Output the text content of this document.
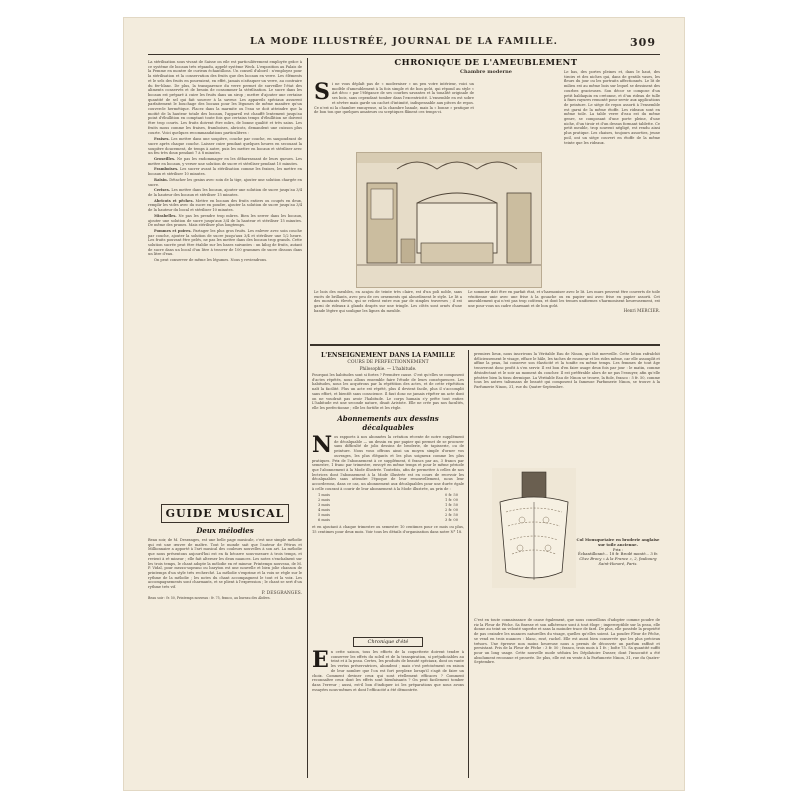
LA MODE ILLUSTRÉE, JOURNAL DE LA FAMILLE.	309
La stérilisation sous vivant de Saisse on eile est particulièrement employée grâce à ce système de bocaux très répandu, appelé système Weck. L'exposition au Palais de la Femme en montre de curieux échantillons. Un conseil d'abord : n'employez pour la stérilisation et la conservation des fruits que des bocaux en verre. Les éléments et le sels des fruits en pourraient, en effet, jamais n'attaquer un verre, au contraire du fer-blanc. De plus, la transparence du verre permet de surveiller l'état des aliments conservés et de besoin de consommer la stérilisation. Le sucre dans les bocaux est préparé à cuire les fruits dans un sirop ; mettre d'ajouter une certaine quantité de sel qui fait sourcer à la saveur. Les appareils spéciaux assurent parfaitement le bouchage des bocaux pour les légumes de même manière qu'un couvercle hermétique. Placez dans la marmite ou l'eau se doit atteindre que la moitié de la hauteur totale des bocaux, l'appareil est chauffé lentement jusqu'au point d'ébullition en comptant toute fois que certains temps d'ébullition ne doivent être trop courts. Les fruits doivent être mûrs, de bonne qualité et très sains. Les fruits mous comme les fraises, framboises, abricots, demandent une cuisson plus courte. Voici quelques recommandations particulières :

Fraises. Les mettre dans une soupière, couche par couche, en saupoudrant de sucre après chaque couche. Laisser cuire pendant quelques heures en secouant la soupière doucement, de temps à autre, puis les mettre en bocaux et stériliser avec un feu très doux pendant 7 à 8 minutes.

Groseilles. Ne pas les endommager en les débarrassant de leurs queues. Les mettre en bocaux, y verser une solution de sucre et stériliser pendant 10 minutes.

Framboises. Les sucrer avant la stérilisation comme les fraises, les mettre en bocaux et stériliser 10 minutes.

Raisin. Détacher les grains avec soin de la tige, ajouter une solution chargée en sucre.

Cerises. Les mettre dans les bocaux, ajouter une solution de sucre jusqu'au 3/4 de la hauteur des bocaux et stériliser 15 minutes.

Abricots et pêches. Mettre en bocaux des fruits entiers ou coupés en deux, remplir les vides avec du sucre en poudre, ajouter la solution de sucre jusqu'au 3/4 de la hauteur du bocal et stériliser 10 minutes.

Mirabelles. Ne pas les prendre trop mûres. Bien les serrer dans les bocaux, ajouter une solution de sucre jusqu'aux 3/4 de la hauteur et stériliser 15 minutes. De même des prunes. Mais stériliser plus longtemps.

Pommes et poires. Partager les plus gros fruits. Les enlever avec soin couche par couche, ajouter la solution de sucre jusqu'aux 3/4 et stériliser une 1/2 heure. Les fruits pouvant être pelés, ne pas les mettre dans des bocaux trop grands. Cette solution sucrée peut être établie sur les bases suivantes : un kilog de fruits, autant de sucre dans un bocal d'un litre à trouver de 100 grammes de sucre dissous dans un litre d'eau.

On peut conserver de même les légumes. Nous y reviendrons.

GUIDE MUSICAL
Deux mélodies
Beau soir, de M. Desranges, est une belle page musicale, c'est une simple mélodie qui est une œuvre de maître. Tout le monde sait que l'auteur de Pétrus et Millionnaire a apporté à l'art musical des couleurs nouvelles à son art. La mélodie que nous présentons aujourd'hui est en fa bécarre sous-mesure à trois temps, et revient à ré mineur ; elle fait alterner les deux nuances. Les notes s'enchaînent sur les trois temps, le chant adopte la mélodie en ré mineur. Printemps nouveau, de M. P. Vidal, pour mezzo-soprano ou baryton est une nouvelle et bien jolie chanson de printemps d'un style très recherché. La mélodie s'exprime et la voix se règle sur le rythme de la mélodie ; les notes du chant accompagnent le tout et la voix. Les accompagnements sont charmants, et se plient à l'expression ; le chant se sert d'un rythme très vif.
P. DESGRANGES.
Beau soir : fr. 50, Printemps nouveau : fr. 75, franco, au bureau des Abdres.
CHRONIQUE DE L'AMEUBLEMENT
Chambre moderne
S i ne vous déplaît pas de « moderniser » un peu votre intérieur, voici un modèle d'ameublement à la fois simple et de bon goût, qui répond au style « Art déco » par l'élégance de ses courbes savantes et la tonalité originale de ses bois, sans cependant tomber dans l'excentricité. L'ensemble en est sobre et sévère mais garde un cachet d'intimité, indispensable aux pièces de repos. Ce n'est ni la chambre ennuyeuse, ni la chambre banale, mais la « bonne » pratique et de bon ton que quelques amateurs ou sceptiques flânent ces temps-ci.
Le bas, des portes pleines et, dans le haut, des tiroirs et des niches qui, dans de gentils vases, les fleurs du jour ou les portraits affectionnés. Le lit de milieu est au même bois sur lequel se dessinent des courbes gracieuses. Son décor se compose d'un petit baldaquin en cretonne, et d'un rideau de tulle à fines rayures remonté pour servir aux applications de peinture. Le siège de repos assorti à l'ensemble est garni de la même étoffe. Les rideaux sont en même toile. La table verre d'eau est du même genre, se composant d'une porte pleine, d'une niche, d'un tiroir et d'un dessus formant tablette. Ce petit meuble, trop souvent négligé, est rendu ainsi plus pratique. Les chaises, toujours assorties, jeune poil, ont un siège couvert en étoffe de la même teinte que les rideaux.
Le bois des meubles, en acajou de teinte très claire, est d'un poli noble, sans excès de brillants, avec peu de ces ornements qui alourdissent le style. Le lit a des montants élevés, qui se relient entre eux par de simples traverses ; il est garni de rideaux à glands drapés sur une tringle. Les côtés sont ornés d'une bande légère qui souligne les lignes du meuble.
Le sommier doit être en parfait état, et s'harmoniser avec le lit. Les murs peuvent être couverts de toile vénitienne unie avec une frise à la gouache ou en papier uni avec frise en papier assorti. Cet ameublement qui n'est pas trop coûteux, et dont les tenues uniformes s'harmonisent heureusement, est une pour vous un cadre charmant et de bon goût.
Henri MERCIER.
L'ENSEIGNEMENT DANS LA FAMILLE
COURS DE PERFECTIONNEMENT
Philosophie. — L'habitude.
Pourquoi les habitudes sont si fortes ? Première cause. C'est qu'elles se composent d'actes répétés, nous allons ensemble faire l'étude de leurs conséquences. Les habitudes, nous les acquérons par la répétition des actes, et de cette répétition naît la facilité. Plus un acte est répété, plus il devient facile, plus il s'accomplit sans effort, et bientôt sans conscience. Il faut donc ne jamais répéter un acte dont on ne voudrait pas avoir l'habitude. Le corps humain s'y prête tout entier. L'habitude est une seconde nature, disait Aristote. Elle ne crée pas nos facultés, elle les perfectionne ; elle les fortifie et les règle.
Abonnements aux dessins décalquables
N os rapports à nos abonnées la création récente de notre supplément de décalquable — un dessin en pur papier qui permet de se procurer sans difficulté de jolis dessins de broderie, de tapisserie, ou de peinture. Nous vous offrons ainsi un moyen simple d'orner vos ouvrages, les plus élégants et les plus soigneux comme les plus pratiques. Prix de l'abonnement à ce supplément, 6 francs par an, 3 francs par semestre, 1 franc par trimestre, envoyé en même temps et pour le même période que l'abonnement à la Mode illustrée. Toutefois, afin de permettre à celles de nos lectrices dont l'abonnement à la Mode illustrée est en cours de recevoir les décalquables sans attendre l'époque de leur renouvellement, nous leur accorderons, dans ce cas, un abonnement aux décalquables pour une durée égale à celle courant à courir de leur abonnement à la Mode illustrée, au prix de :
1 mois	0 fr. 50
2 mois	1 fr. 00
3 mois	1 fr. 50
4 mois	2 fr. 00
5 mois	2 fr. 50
6 mois	3 fr. 00
et en ajoutant à chaque trimestre ou semestre 10 centimes pour ce mois ou plus, 15 centimes pour deux mois. Voir tous les détails d'organisation dans notre N° 18.
Chronique d'été
E n cette saison, tous les efforts de la coquetterie doivent tendre à conserver les effets du soleil et de la transpiration, si préjudiciables au teint et à la peau. Certes, les produits de beauté spéciaux, dont on vante les vertus préservatrices, abondent ; mais c'est précisément en raison de leur nombre que l'on est fort perplexe lorsqu'il s'agit de faire un choix. Comment deviner ceux qui sont réellement efficaces ? Comment reconnaître ceux dont les effets sont bienfaisants ? On peut facilement tomber dans l'erreur ; aussi, est-il bon d'indiquer ici les préparations que nous avons essayées nous-mêmes et dont l'efficacité a été démontrée.
premiers lieux, nous inscrivons la Véritable Eau de Ninon, qui fait merveille. Cette lotion rafraîchit délicieusement le visage, efface le hâle, les taches de rousseur et les rides même, car elle assouplit et affine la peau, lui conserve son élasticité et la tonifie en même temps. Les femmes de tout âge trouveront donc profit à s'en servir. Il est bon d'en faire usage deux fois par jour : le matin, comme désinfectant et le soir au moment du coucher. Il est préférable alors de ne pas l'essuyer, afin qu'elle pénètre bien la tissu dermique. La Véritable Eau de Ninon se trouve, la fiole, franco : 5 fr. 50, comme tous les autres talismans de beauté qui composent la fameuse Parfumerie Ninon, se trouve à la Parfumerie Ninon, 31, rue du Quatre-Septembre.
Col Mousquetaire en broderie anglaise sur toile ancienne.
Prix :
Échantillonné... 18 fr. Brodé monté... 3 fr.
Chez Brocy « A la France », 2, faubourg Saint-Honoré, Paris.
C'est en toute connaissance de cause également, que nous conseillons d'adopter comme poudre de riz la Fleur de Pêche. Sa finesse et son adhérence sont à tout éloge ; imperceptible sur la peau, elle donne au teint un velouté superbe et sans la moindre trace de fard. De plus, elle possède la propriété de pas craindre les nuances naturelles du visage, quelles qu'elles soient. La poudre Fleur de Pêche, se vend en trois nuances : blanc, rosé, rachel. Elle est aussi bien conservée que les plus précieux trésors. Une épreuve non moins heureuse nous a permis de découvrir un parfum raffiné et persistant. Pris de la Fleur de Pêche : 3 fr. 50 ; franco, trois mois à 1 fr. ; boîte 75. Sa quantité suffit pour un long usage. Cette nouvelle mode séduira les Dépilatoire Dusser, dont l'innocuité a été absolument reconnue et prouvée. De plus, elle est en vente à la Parfumerie Ninon, 31, rue du Quatre-Septembre.
